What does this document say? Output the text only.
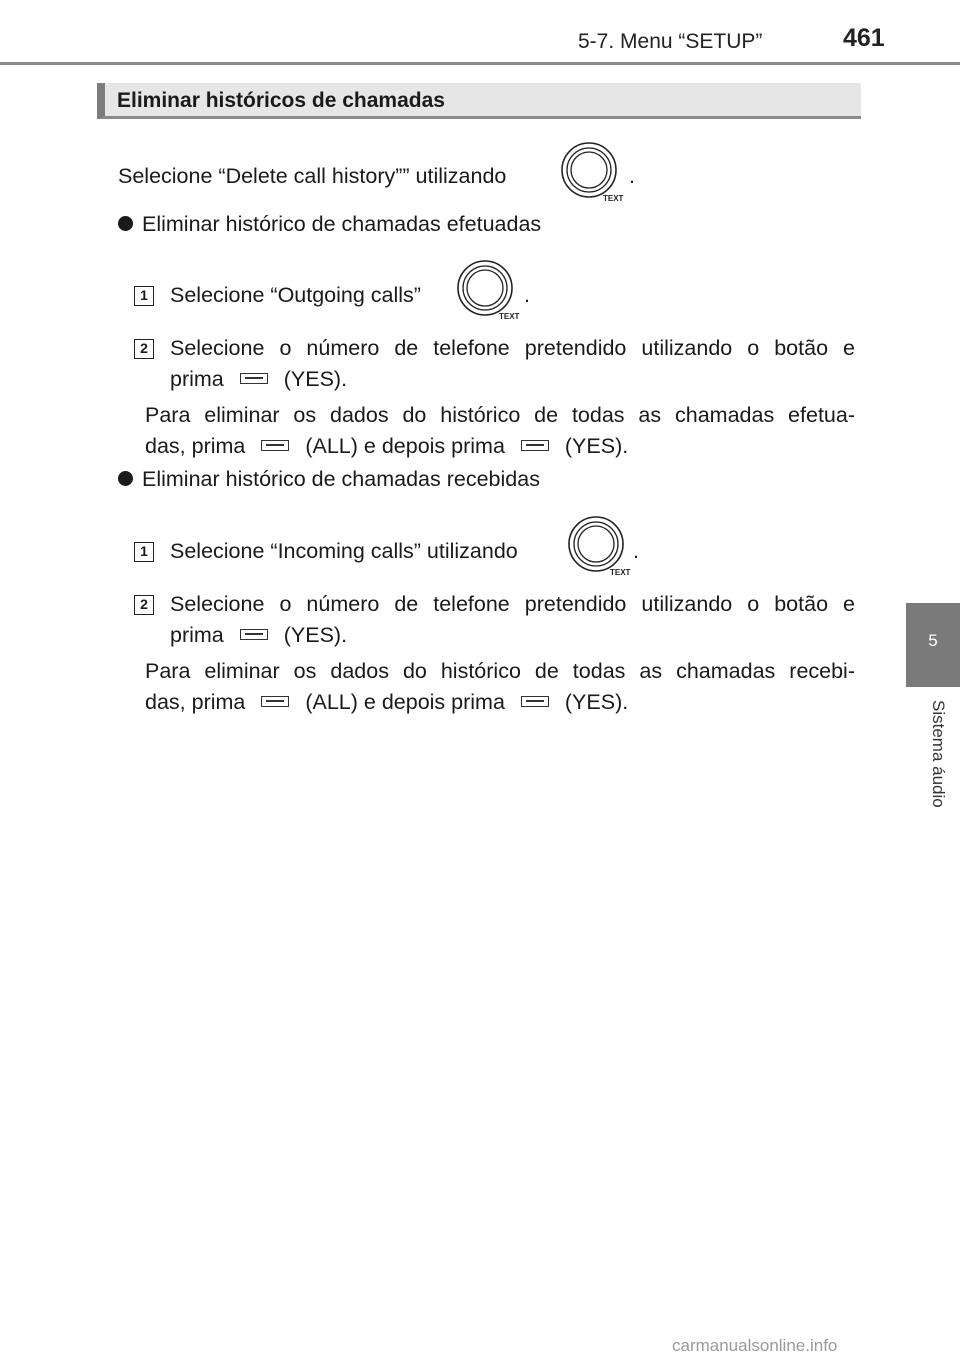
5-7. Menu “SETUP”	461
5
Sistema áudio
Eliminar históricos de chamadas
Selecione “Delete call history”” utilizando
TEXT
.
Eliminar histórico de chamadas efetuadas
1 Selecione “Outgoing calls”
TEXT
.
2 Selecione o número de telefone pretendido utilizando o botão e
prima	(YES).
Para eliminar os dados do histórico de todas as chamadas efetua-
das, prima	(ALL) e depois prima	(YES).
Eliminar histórico de chamadas recebidas
1 Selecione “Incoming calls” utilizando
TEXT
.
2 Selecione o número de telefone pretendido utilizando o botão e
prima	(YES).
Para eliminar os dados do histórico de todas as chamadas recebi-
das, prima	(ALL) e depois prima	(YES).
carmanualsonline.info
